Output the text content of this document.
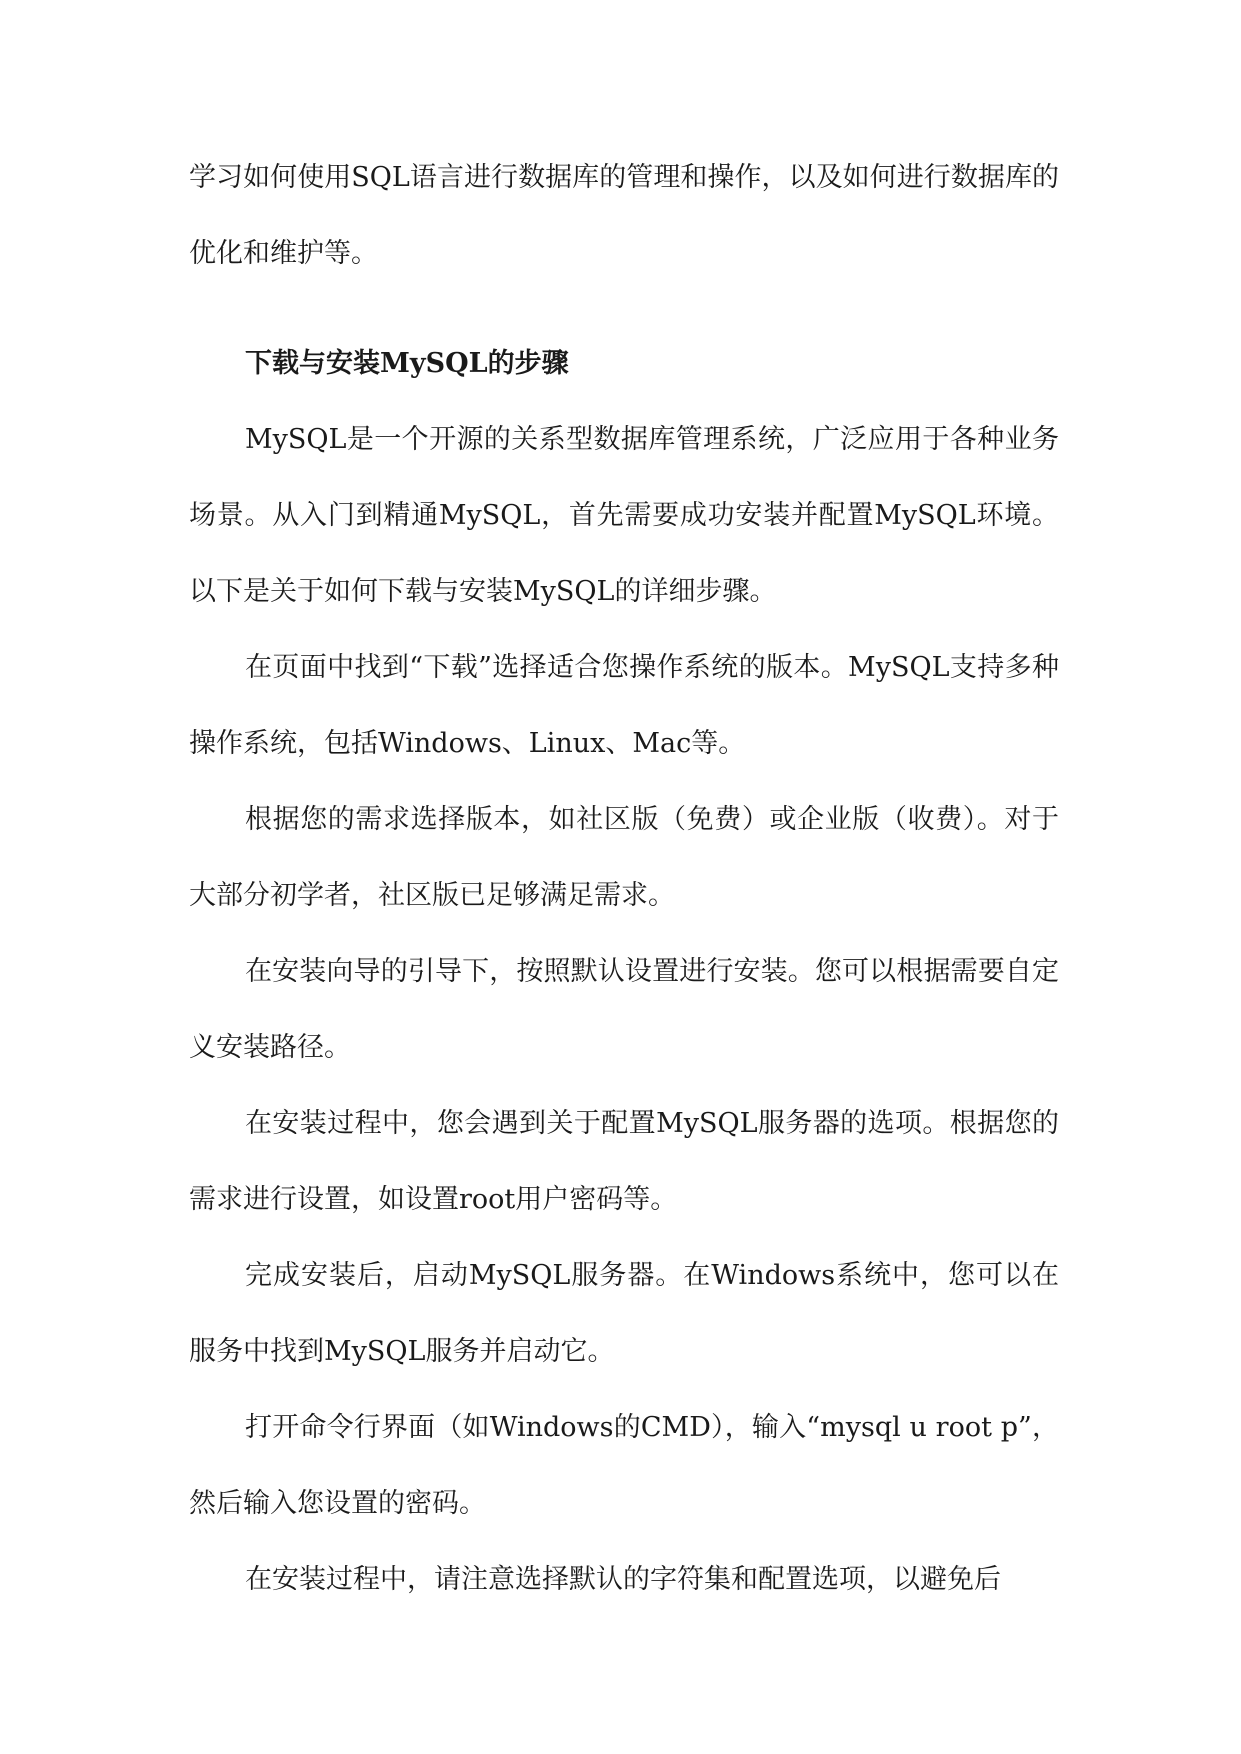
学习如何使用SQL语言进行数据库的管理和操作，以及如何进行数据库的优化和维护等。

下载与安装MySQL的步骤

MySQL是一个开源的关系型数据库管理系统，广泛应用于各种业务场景。从入门到精通MySQL，首先需要成功安装并配置MySQL环境。以下是关于如何下载与安装MySQL的详细步骤。

在页面中找到“下载”选择适合您操作系统的版本。MySQL支持多种操作系统，包括Windows、Linux、Mac等。

根据您的需求选择版本，如社区版（免费）或企业版（收费）。对于大部分初学者，社区版已足够满足需求。

在安装向导的引导下，按照默认设置进行安装。您可以根据需要自定义安装路径。

在安装过程中，您会遇到关于配置MySQL服务器的选项。根据您的需求进行设置，如设置root用户密码等。

完成安装后，启动MySQL服务器。在Windows系统中，您可以在服务中找到MySQL服务并启动它。

打开命令行界面（如Windows的CMD），输入“mysql u root p”，然后输入您设置的密码。

在安装过程中，请注意选择默认的字符集和配置选项，以避免后
